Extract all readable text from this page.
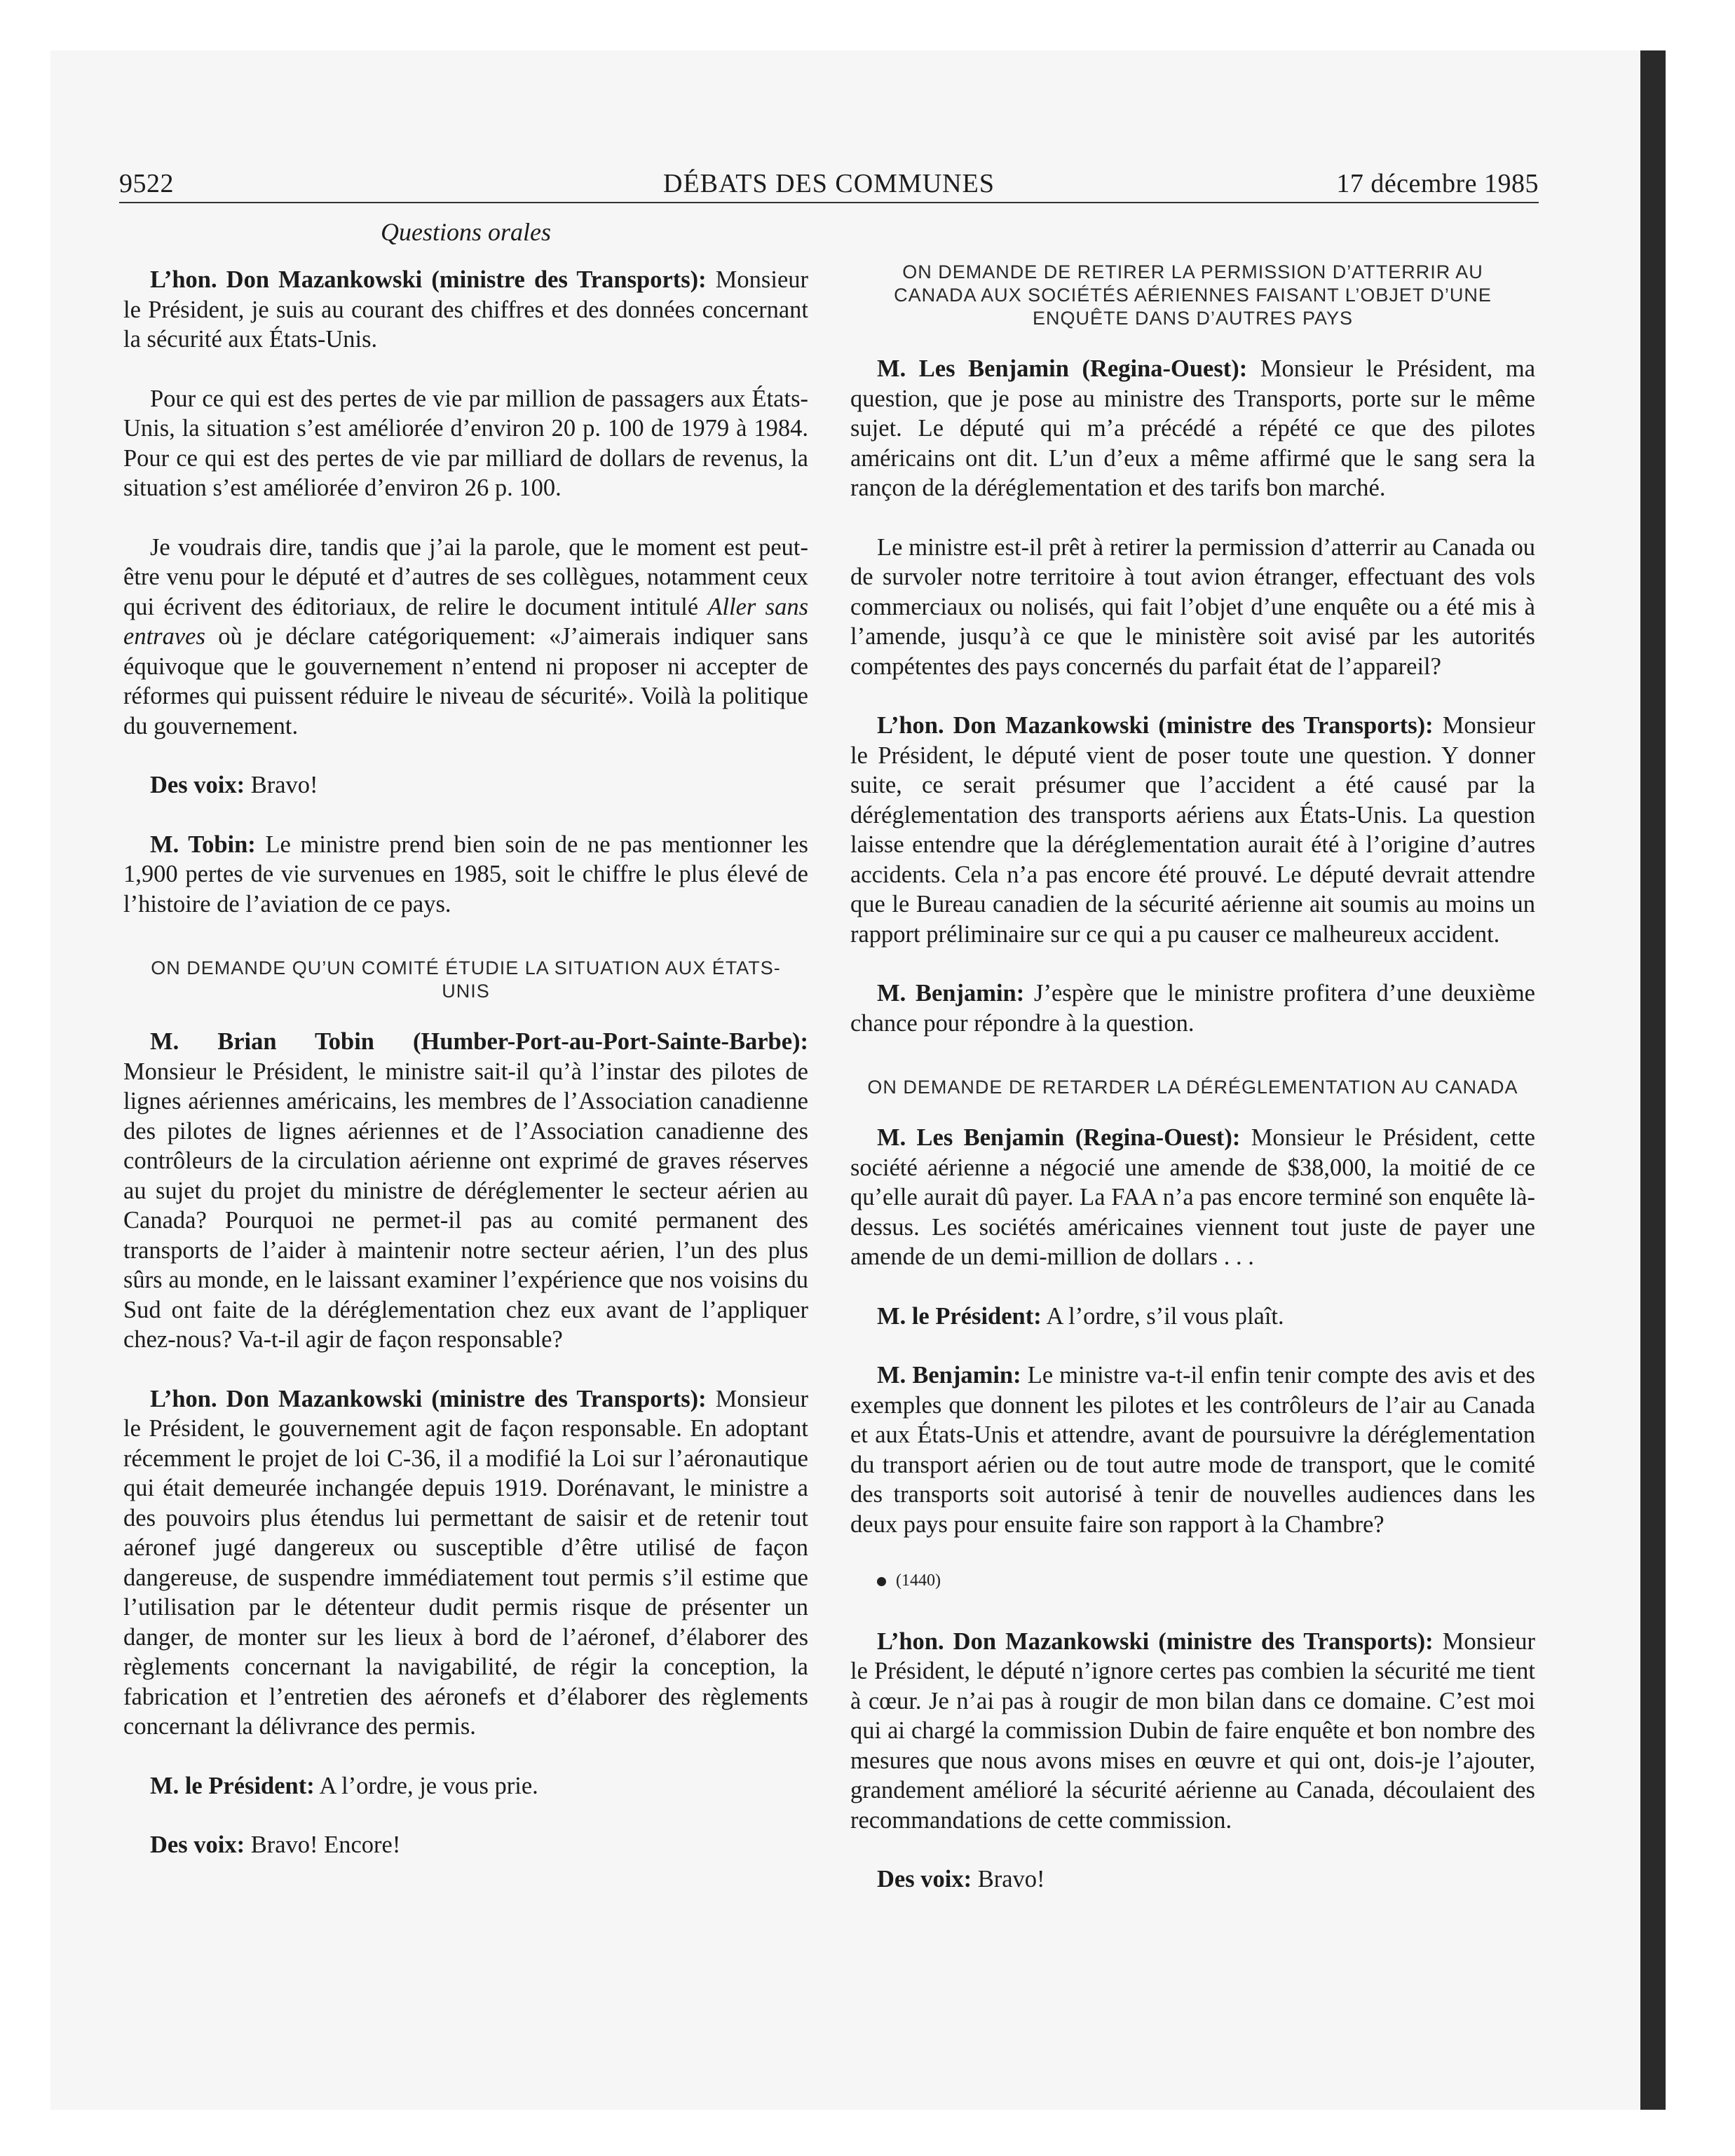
9522	DÉBATS DES COMMUNES	17 décembre 1985
Questions orales

L’hon. Don Mazankowski (ministre des Transports): Monsieur le Président, je suis au courant des chiffres et des données concernant la sécurité aux États-Unis.

Pour ce qui est des pertes de vie par million de passagers aux États-Unis, la situation s’est améliorée d’environ 20 p. 100 de 1979 à 1984. Pour ce qui est des pertes de vie par milliard de dollars de revenus, la situation s’est améliorée d’environ 26 p. 100.

Je voudrais dire, tandis que j’ai la parole, que le moment est peut-être venu pour le député et d’autres de ses collègues, notamment ceux qui écrivent des éditoriaux, de relire le document intitulé Aller sans entraves où je déclare catégoriquement: «J’aimerais indiquer sans équivoque que le gouvernement n’entend ni proposer ni accepter de réformes qui puissent réduire le niveau de sécurité». Voilà la politique du gouvernement.

Des voix: Bravo!

M. Tobin: Le ministre prend bien soin de ne pas mentionner les 1,900 pertes de vie survenues en 1985, soit le chiffre le plus élevé de l’histoire de l’aviation de ce pays.

ON DEMANDE QU’UN COMITÉ ÉTUDIE LA SITUATION AUX ÉTATS-UNIS

M. Brian Tobin (Humber-Port-au-Port-Sainte-Barbe): Monsieur le Président, le ministre sait-il qu’à l’instar des pilotes de lignes aériennes américains, les membres de l’Association canadienne des pilotes de lignes aériennes et de l’Association canadienne des contrôleurs de la circulation aérienne ont exprimé de graves réserves au sujet du projet du ministre de déréglementer le secteur aérien au Canada? Pourquoi ne permet-il pas au comité permanent des transports de l’aider à maintenir notre secteur aérien, l’un des plus sûrs au monde, en le laissant examiner l’expérience que nos voisins du Sud ont faite de la déréglementation chez eux avant de l’appliquer chez-nous? Va-t-il agir de façon responsable?

L’hon. Don Mazankowski (ministre des Transports): Monsieur le Président, le gouvernement agit de façon responsable. En adoptant récemment le projet de loi C-36, il a modifié la Loi sur l’aéronautique qui était demeurée inchangée depuis 1919. Dorénavant, le ministre a des pouvoirs plus étendus lui permettant de saisir et de retenir tout aéronef jugé dangereux ou susceptible d’être utilisé de façon dangereuse, de suspendre immédiatement tout permis s’il estime que l’utilisation par le détenteur dudit permis risque de présenter un danger, de monter sur les lieux à bord de l’aéronef, d’élaborer des règlements concernant la navigabilité, de régir la conception, la fabrication et l’entretien des aéronefs et d’élaborer des règlements concernant la délivrance des permis.

M. le Président: A l’ordre, je vous prie.

Des voix: Bravo! Encore!

ON DEMANDE DE RETIRER LA PERMISSION D’ATTERRIR AU CANADA AUX SOCIÉTÉS AÉRIENNES FAISANT L’OBJET D’UNE ENQUÊTE DANS D’AUTRES PAYS

M. Les Benjamin (Regina-Ouest): Monsieur le Président, ma question, que je pose au ministre des Transports, porte sur le même sujet. Le député qui m’a précédé a répété ce que des pilotes américains ont dit. L’un d’eux a même affirmé que le sang sera la rançon de la déréglementation et des tarifs bon marché.

Le ministre est-il prêt à retirer la permission d’atterrir au Canada ou de survoler notre territoire à tout avion étranger, effectuant des vols commerciaux ou nolisés, qui fait l’objet d’une enquête ou a été mis à l’amende, jusqu’à ce que le ministère soit avisé par les autorités compétentes des pays concernés du parfait état de l’appareil?

L’hon. Don Mazankowski (ministre des Transports): Monsieur le Président, le député vient de poser toute une question. Y donner suite, ce serait présumer que l’accident a été causé par la déréglementation des transports aériens aux États-Unis. La question laisse entendre que la déréglementation aurait été à l’origine d’autres accidents. Cela n’a pas encore été prouvé. Le député devrait attendre que le Bureau canadien de la sécurité aérienne ait soumis au moins un rapport préliminaire sur ce qui a pu causer ce malheureux accident.

M. Benjamin: J’espère que le ministre profitera d’une deuxième chance pour répondre à la question.

ON DEMANDE DE RETARDER LA DÉRÉGLEMENTATION AU CANADA

M. Les Benjamin (Regina-Ouest): Monsieur le Président, cette société aérienne a négocié une amende de $38,000, la moitié de ce qu’elle aurait dû payer. La FAA n’a pas encore terminé son enquête là-dessus. Les sociétés américaines viennent tout juste de payer une amende de un demi-million de dollars . . .

M. le Président: A l’ordre, s’il vous plaît.

M. Benjamin: Le ministre va-t-il enfin tenir compte des avis et des exemples que donnent les pilotes et les contrôleurs de l’air au Canada et aux États-Unis et attendre, avant de poursuivre la déréglementation du transport aérien ou de tout autre mode de transport, que le comité des transports soit autorisé à tenir de nouvelles audiences dans les deux pays pour ensuite faire son rapport à la Chambre?

(1440)

L’hon. Don Mazankowski (ministre des Transports): Monsieur le Président, le député n’ignore certes pas combien la sécurité me tient à cœur. Je n’ai pas à rougir de mon bilan dans ce domaine. C’est moi qui ai chargé la commission Dubin de faire enquête et bon nombre des mesures que nous avons mises en œuvre et qui ont, dois-je l’ajouter, grandement amélioré la sécurité aérienne au Canada, découlaient des recommandations de cette commission.

Des voix: Bravo!
